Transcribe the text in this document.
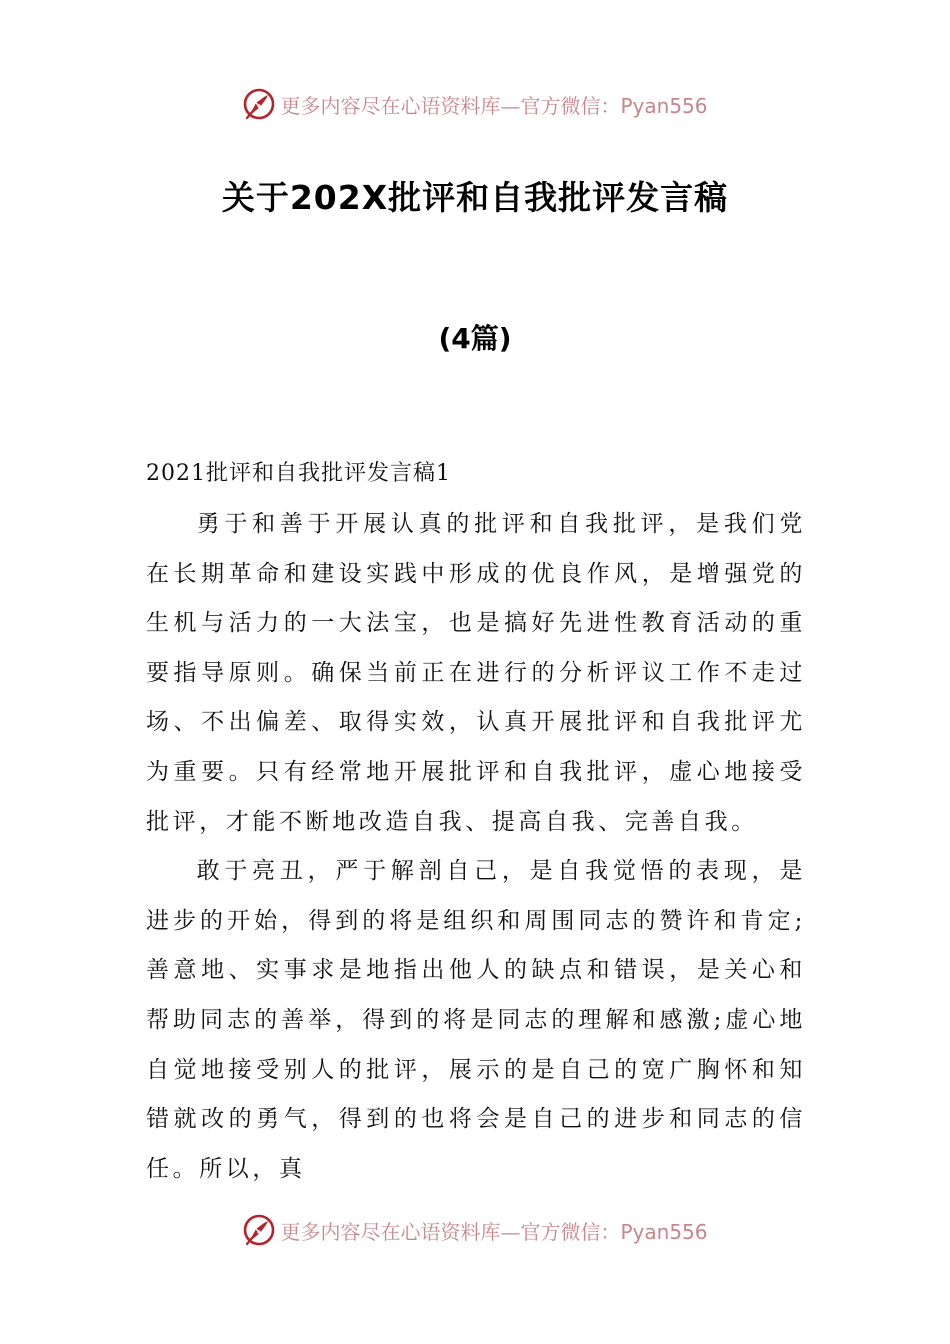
更多内容尽在心语资料库—官方微信：Pyan556
关于202X批评和自我批评发言稿
(4篇)
2021批评和自我批评发言稿1

勇于和善于开展认真的批评和自我批评，是我们党在长期革命和建设实践中形成的优良作风，是增强党的生机与活力的一大法宝，也是搞好先进性教育活动的重要指导原则。确保当前正在进行的分析评议工作不走过场、不出偏差、取得实效，认真开展批评和自我批评尤为重要。只有经常地开展批评和自我批评，虚心地接受批评，才能不断地改造自我、提高自我、完善自我。

敢于亮丑，严于解剖自己，是自我觉悟的表现，是进步的开始，得到的将是组织和周围同志的赞许和肯定;善意地、实事求是地指出他人的缺点和错误，是关心和帮助同志的善举，得到的将是同志的理解和感激;虚心地自觉地接受别人的批评，展示的是自己的宽广胸怀和知错就改的勇气，得到的也将会是自己的进步和同志的信任。所以，真

更多内容尽在心语资料库—官方微信：Pyan556
